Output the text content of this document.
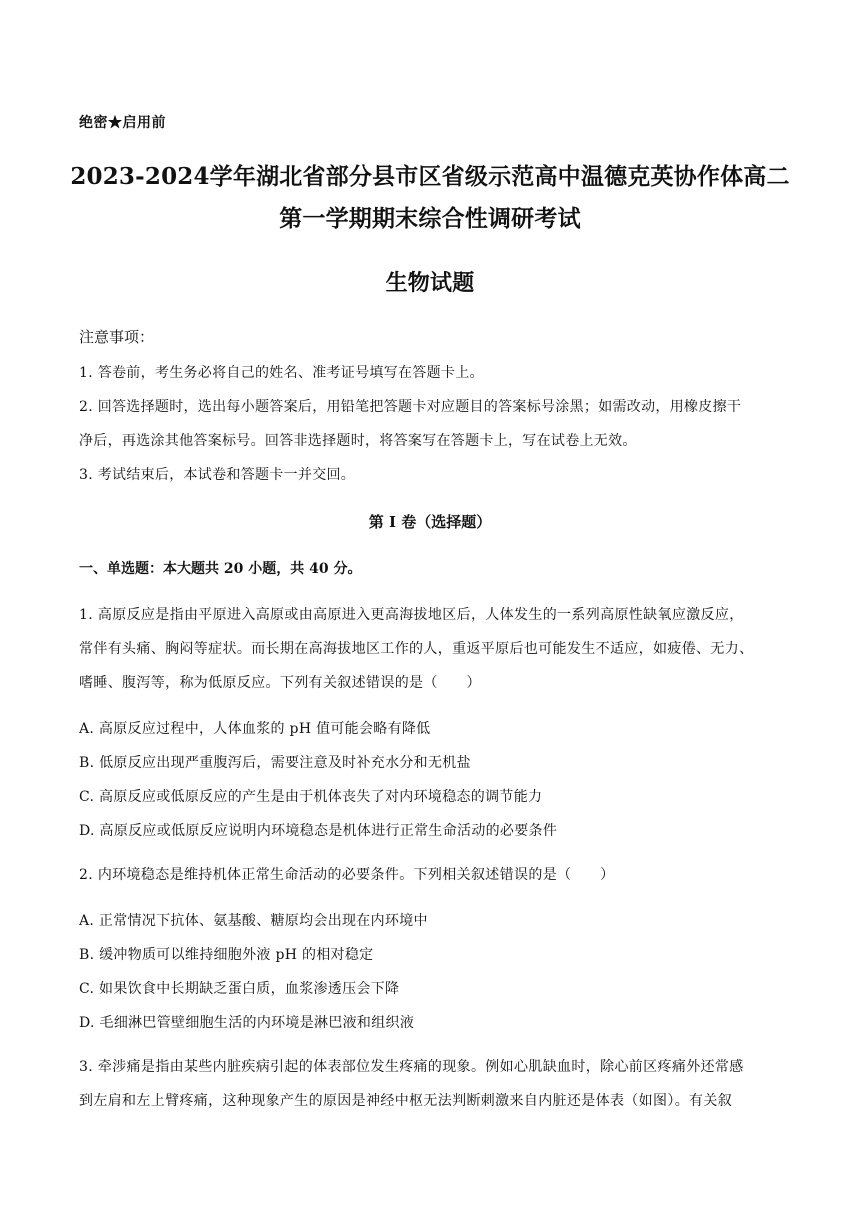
绝密★启用前
2023-2024学年湖北省部分县市区省级示范高中温德克英协作体高二
第一学期期末综合性调研考试
生物试题
注意事项：
1. 答卷前，考生务必将自己的姓名、准考证号填写在答题卡上。
2. 回答选择题时，选出每小题答案后，用铅笔把答题卡对应题目的答案标号涂黑；如需改动，用橡皮擦干
净后，再选涂其他答案标号。回答非选择题时，将答案写在答题卡上，写在试卷上无效。
3. 考试结束后，本试卷和答题卡一并交回。
第 I 卷（选择题）
一、单选题：本大题共 20 小题，共 40 分。
1. 高原反应是指由平原进入高原或由高原进入更高海拔地区后，人体发生的一系列高原性缺氧应激反应，
常伴有头痛、胸闷等症状。而长期在高海拔地区工作的人，重返平原后也可能发生不适应，如疲倦、无力、
嗜睡、腹泻等，称为低原反应。下列有关叙述错误的是（　　）
A. 高原反应过程中，人体血浆的 pH 值可能会略有降低
B. 低原反应出现严重腹泻后，需要注意及时补充水分和无机盐
C. 高原反应或低原反应的产生是由于机体丧失了对内环境稳态的调节能力
D. 高原反应或低原反应说明内环境稳态是机体进行正常生命活动的必要条件
2. 内环境稳态是维持机体正常生命活动的必要条件。下列相关叙述错误的是（　　）
A. 正常情况下抗体、氨基酸、糖原均会出现在内环境中
B. 缓冲物质可以维持细胞外液 pH 的相对稳定
C. 如果饮食中长期缺乏蛋白质，血浆渗透压会下降
D. 毛细淋巴管壁细胞生活的内环境是淋巴液和组织液
3. 牵涉痛是指由某些内脏疾病引起的体表部位发生疼痛的现象。例如心肌缺血时，除心前区疼痛外还常感
到左肩和左上臂疼痛，这种现象产生的原因是神经中枢无法判断刺激来自内脏还是体表（如图）。有关叙
